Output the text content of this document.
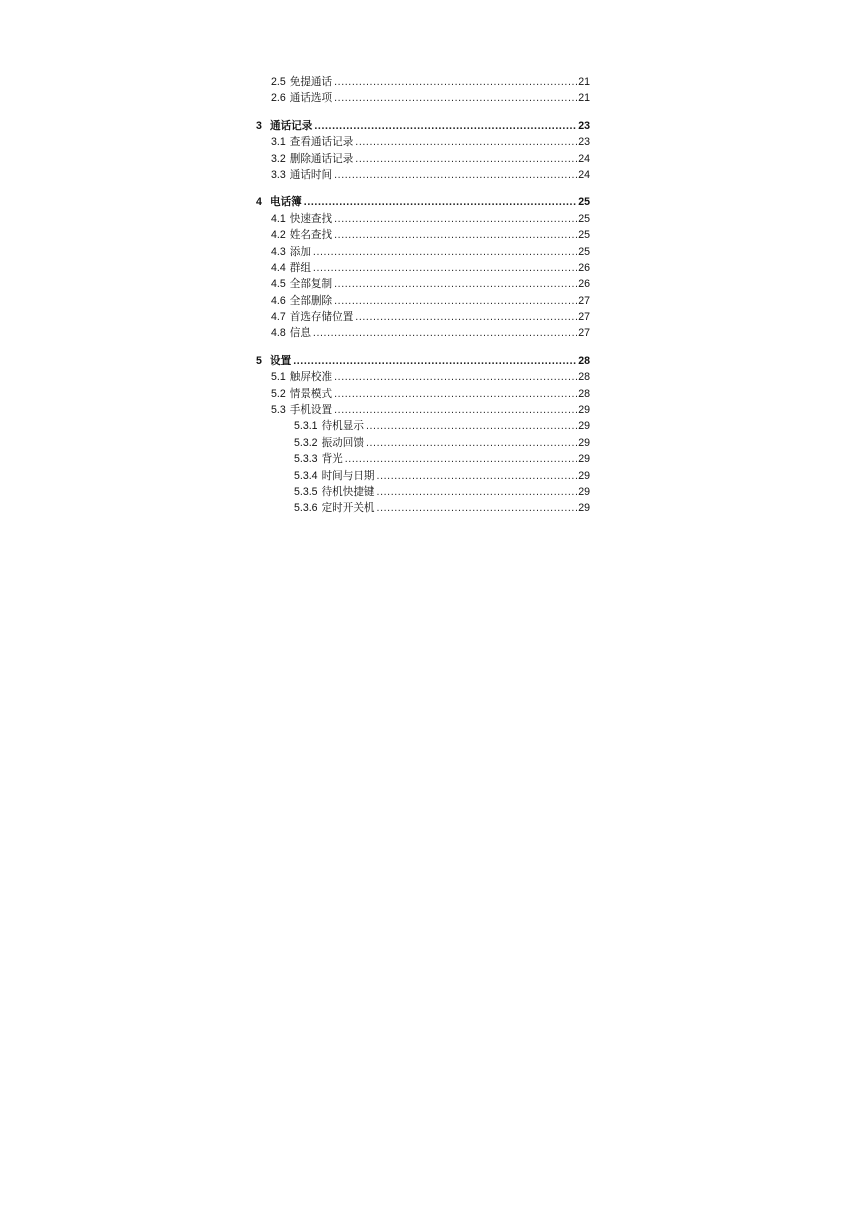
2.5 免提通话 .....	21
2.6 通话选项 .....	21
3 通话记录 .....	23
3.1 查看通话记录 .....	23
3.2 删除通话记录 .....	24
3.3 通话时间 .....	24
4 电话簿 .....	25
4.1 快速查找 .....	25
4.2 姓名查找 .....	25
4.3 添加 .....	25
4.4 群组 .....	26
4.5 全部复制 .....	26
4.6 全部删除 .....	27
4.7 首选存储位置 .....	27
4.8 信息 .....	27
5 设置 .....	28
5.1 触屏校准 .....	28
5.2 情景模式 .....	28
5.3 手机设置 .....	29
5.3.1 待机显示 .....	29
5.3.2 振动回馈 .....	29
5.3.3 背光 .....	29
5.3.4 时间与日期 .....	29
5.3.5 待机快捷键 .....	29
5.3.6 定时开关机 .....	29
